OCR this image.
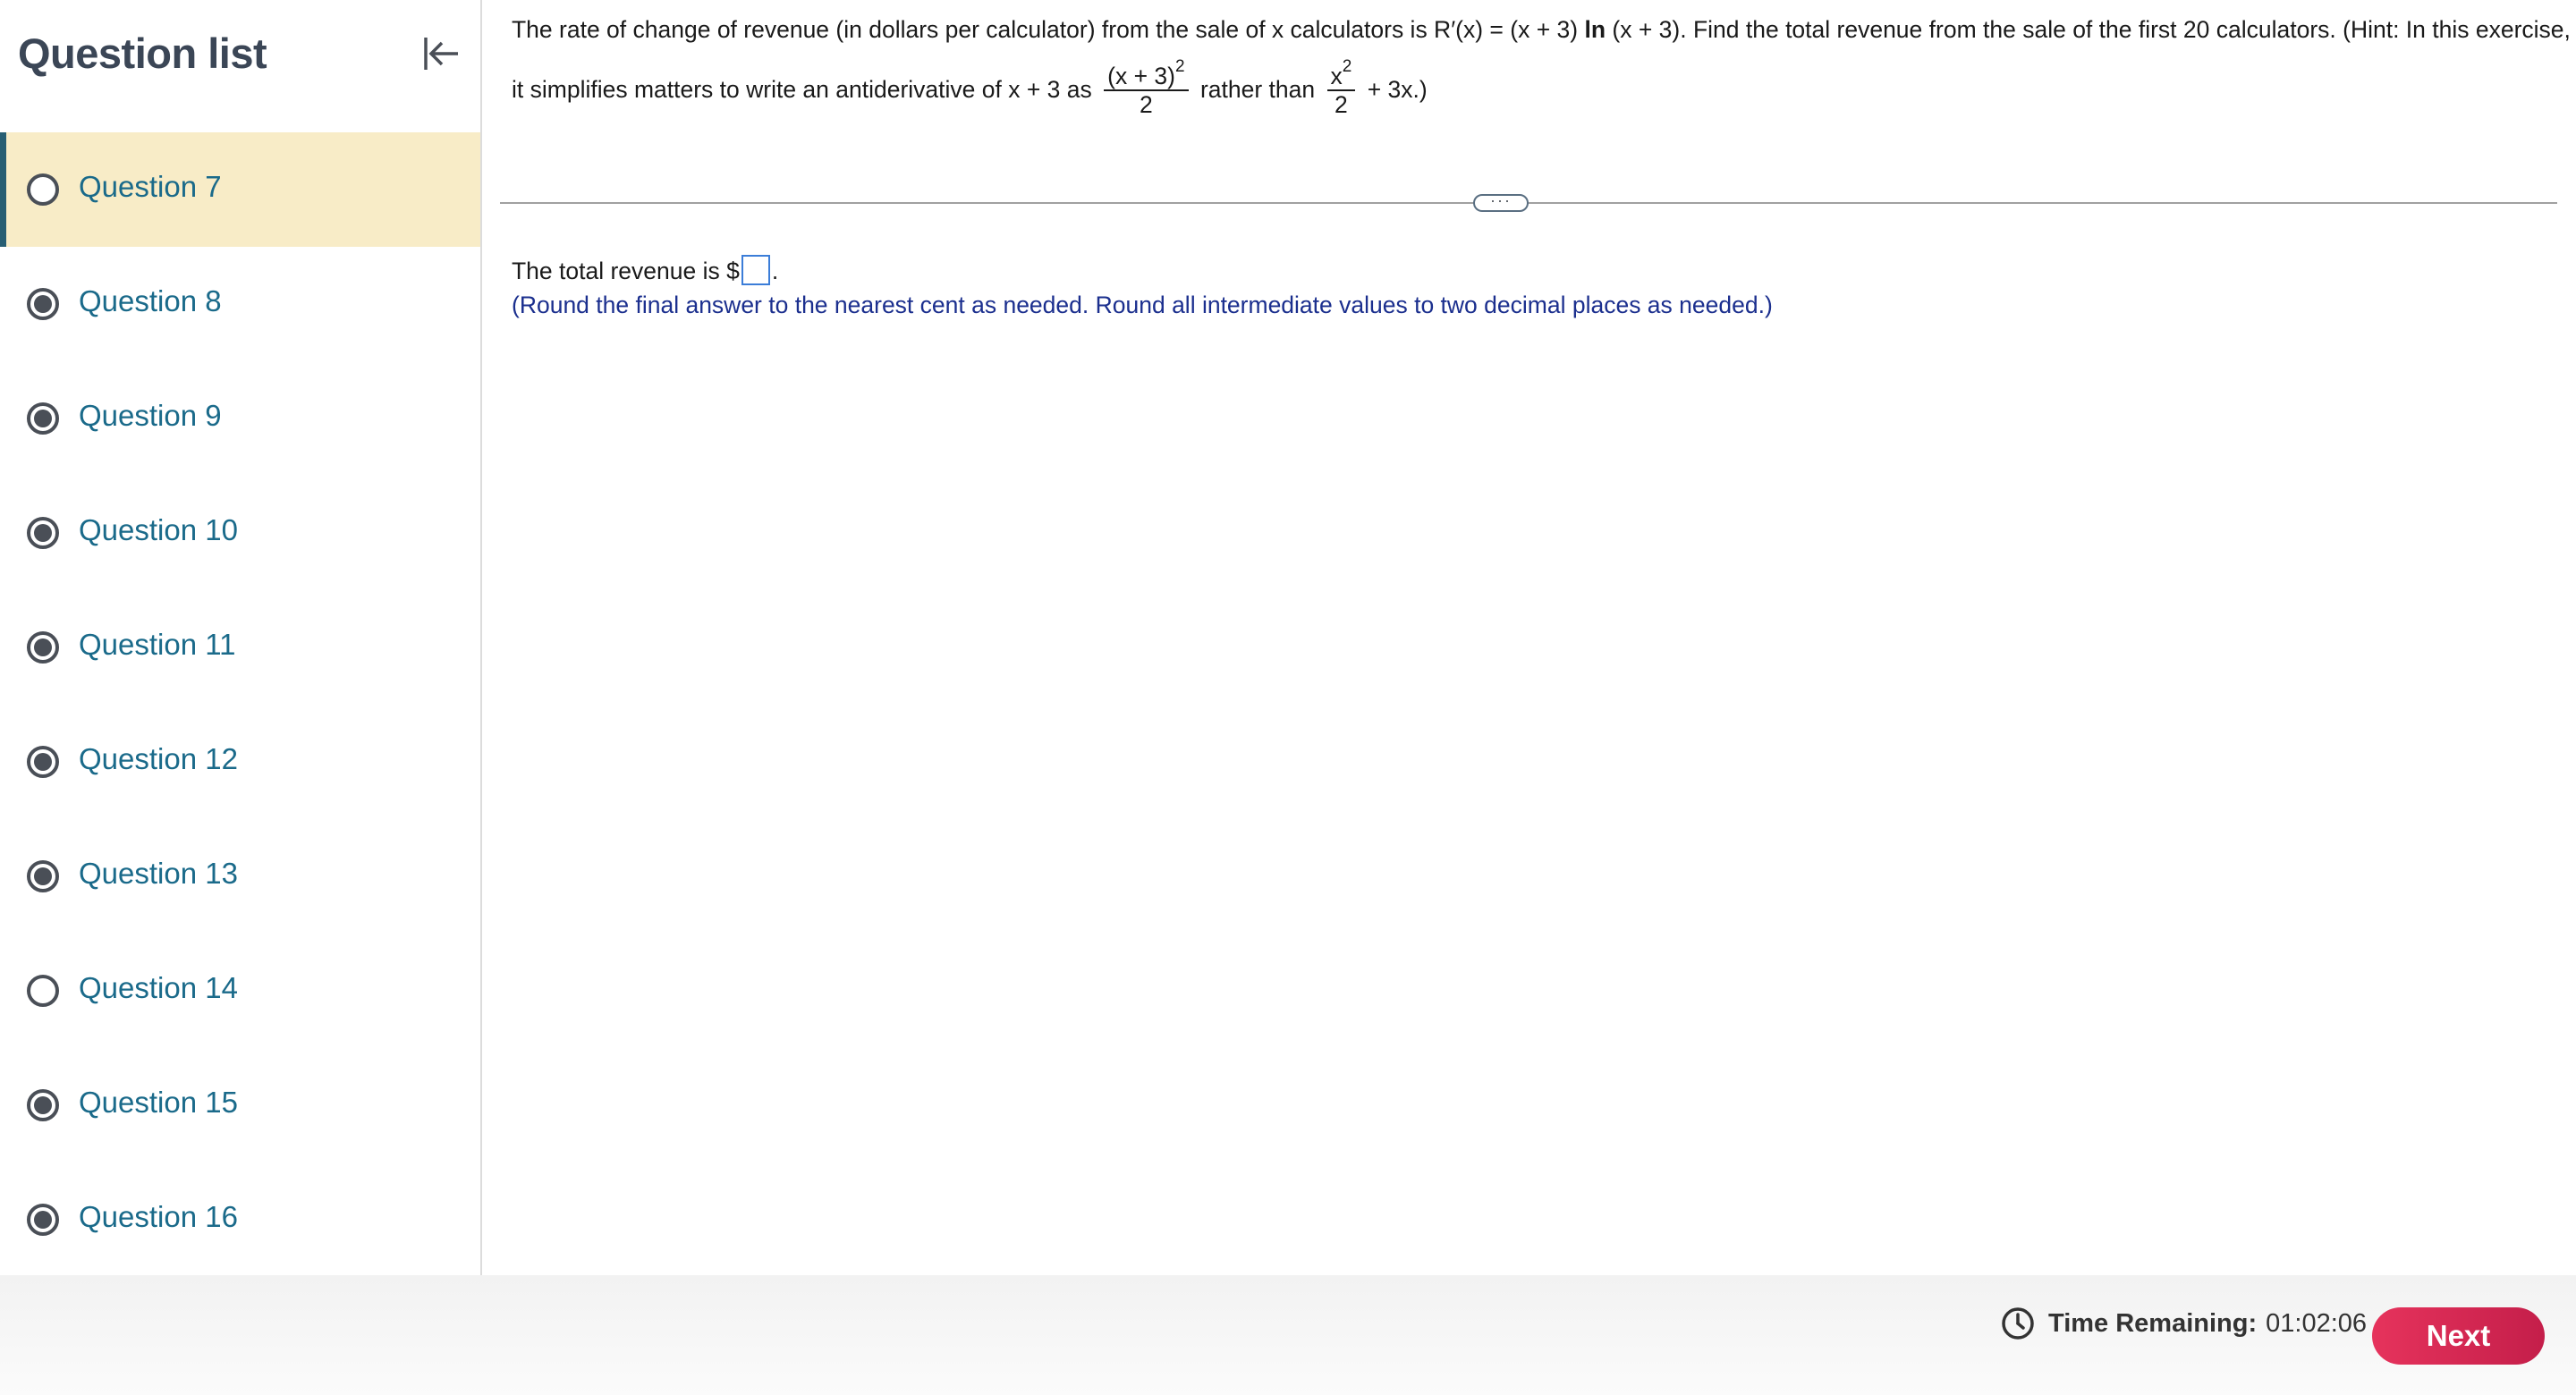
Question list
Question 7
Question 8
Question 9
Question 10
Question 11
Question 12
Question 13
Question 14
Question 15
Question 16
The rate of change of revenue (in dollars per calculator) from the sale of x calculators is R′(x) = (x + 3) ln (x + 3). Find the total revenue from the sale of the first 20 calculators. (Hint: In this exercise,
it simplifies matters to write an antiderivative of x + 3 as $\frac{(x + 3)^2}{2}$ rather than $\frac{x^2}{2} + 3x$.)
···
The total revenue is $ .
(Round the final answer to the nearest cent as needed. Round all intermediate values to two decimal places as needed.)
Time Remaining: 01:02:06	Next
